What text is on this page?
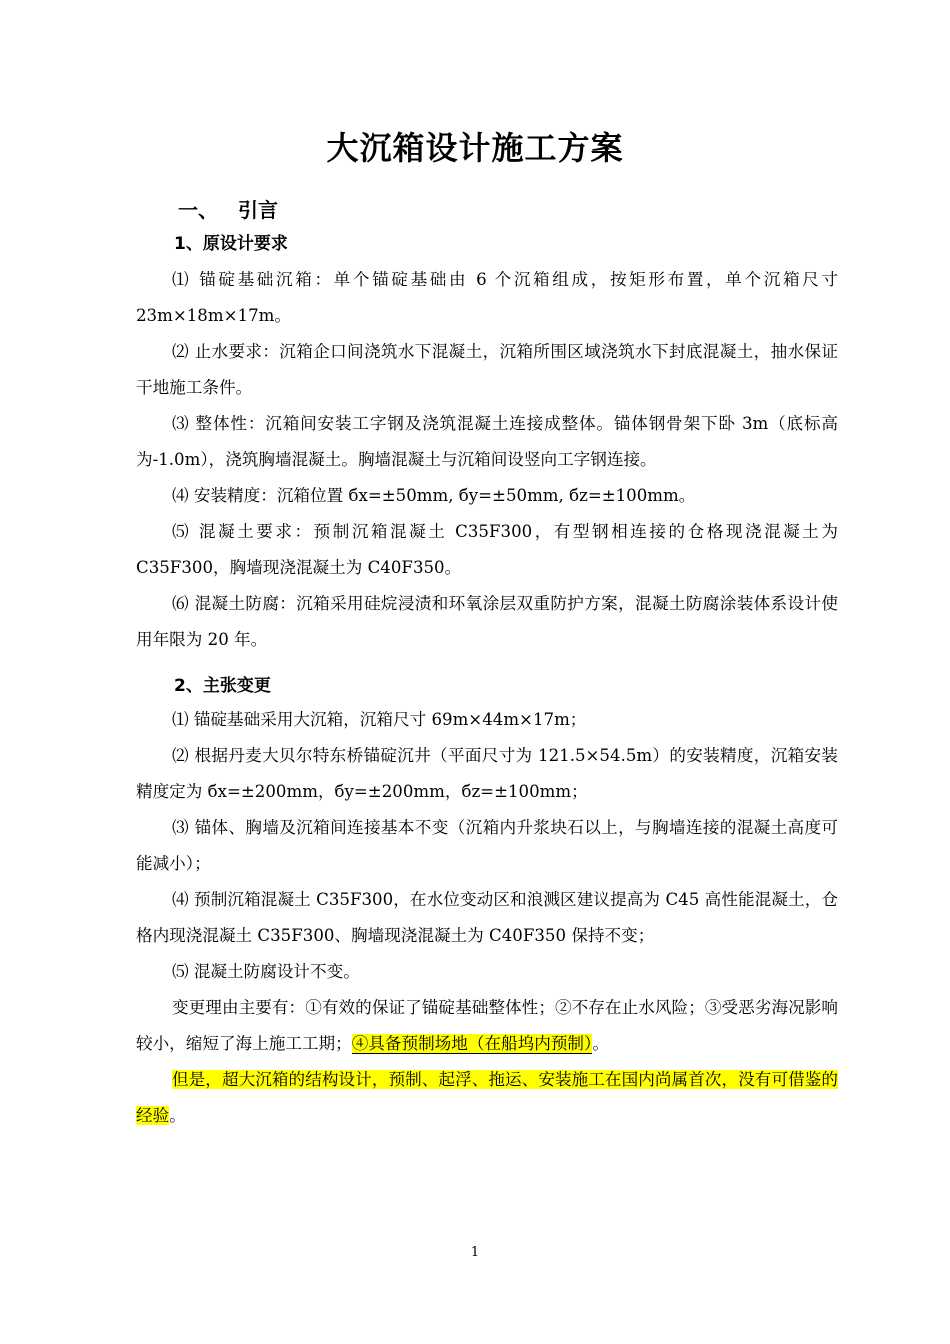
大沉箱设计施工方案
一、 引言
1、原设计要求

⑴ 锚碇基础沉箱：单个锚碇基础由 6 个沉箱组成，按矩形布置，单个沉箱尺寸 23m×18m×17m。

⑵ 止水要求：沉箱企口间浇筑水下混凝土，沉箱所围区域浇筑水下封底混凝土，抽水保证干地施工条件。

⑶ 整体性：沉箱间安装工字钢及浇筑混凝土连接成整体。锚体钢骨架下卧 3m（底标高为-1.0m），浇筑胸墙混凝土。胸墙混凝土与沉箱间设竖向工字钢连接。

⑷ 安装精度：沉箱位置 бx=±50mm, бy=±50mm, бz=±100mm。

⑸ 混凝土要求：预制沉箱混凝土 C35F300，有型钢相连接的仓格现浇混凝土为 C35F300，胸墙现浇混凝土为 C40F350。

⑹ 混凝土防腐：沉箱采用硅烷浸渍和环氧涂层双重防护方案，混凝土防腐涂装体系设计使用年限为 20 年。

2、主张变更

⑴ 锚碇基础采用大沉箱，沉箱尺寸 69m×44m×17m；

⑵ 根据丹麦大贝尔特东桥锚碇沉井（平面尺寸为 121.5×54.5m）的安装精度，沉箱安装精度定为 бx=±200mm，бy=±200mm，бz=±100mm；

⑶ 锚体、胸墙及沉箱间连接基本不变（沉箱内升浆块石以上，与胸墙连接的混凝土高度可能减小）；

⑷ 预制沉箱混凝土 C35F300，在水位变动区和浪溅区建议提高为 C45 高性能混凝土，仓格内现浇混凝土 C35F300、胸墙现浇混凝土为 C40F350 保持不变；

⑸ 混凝土防腐设计不变。

变更理由主要有：①有效的保证了锚碇基础整体性；②不存在止水风险；③受恶劣海况影响较小，缩短了海上施工工期；④具备预制场地（在船坞内预制）。

但是，超大沉箱的结构设计，预制、起浮、拖运、安装施工在国内尚属首次，没有可借鉴的经验。

1
